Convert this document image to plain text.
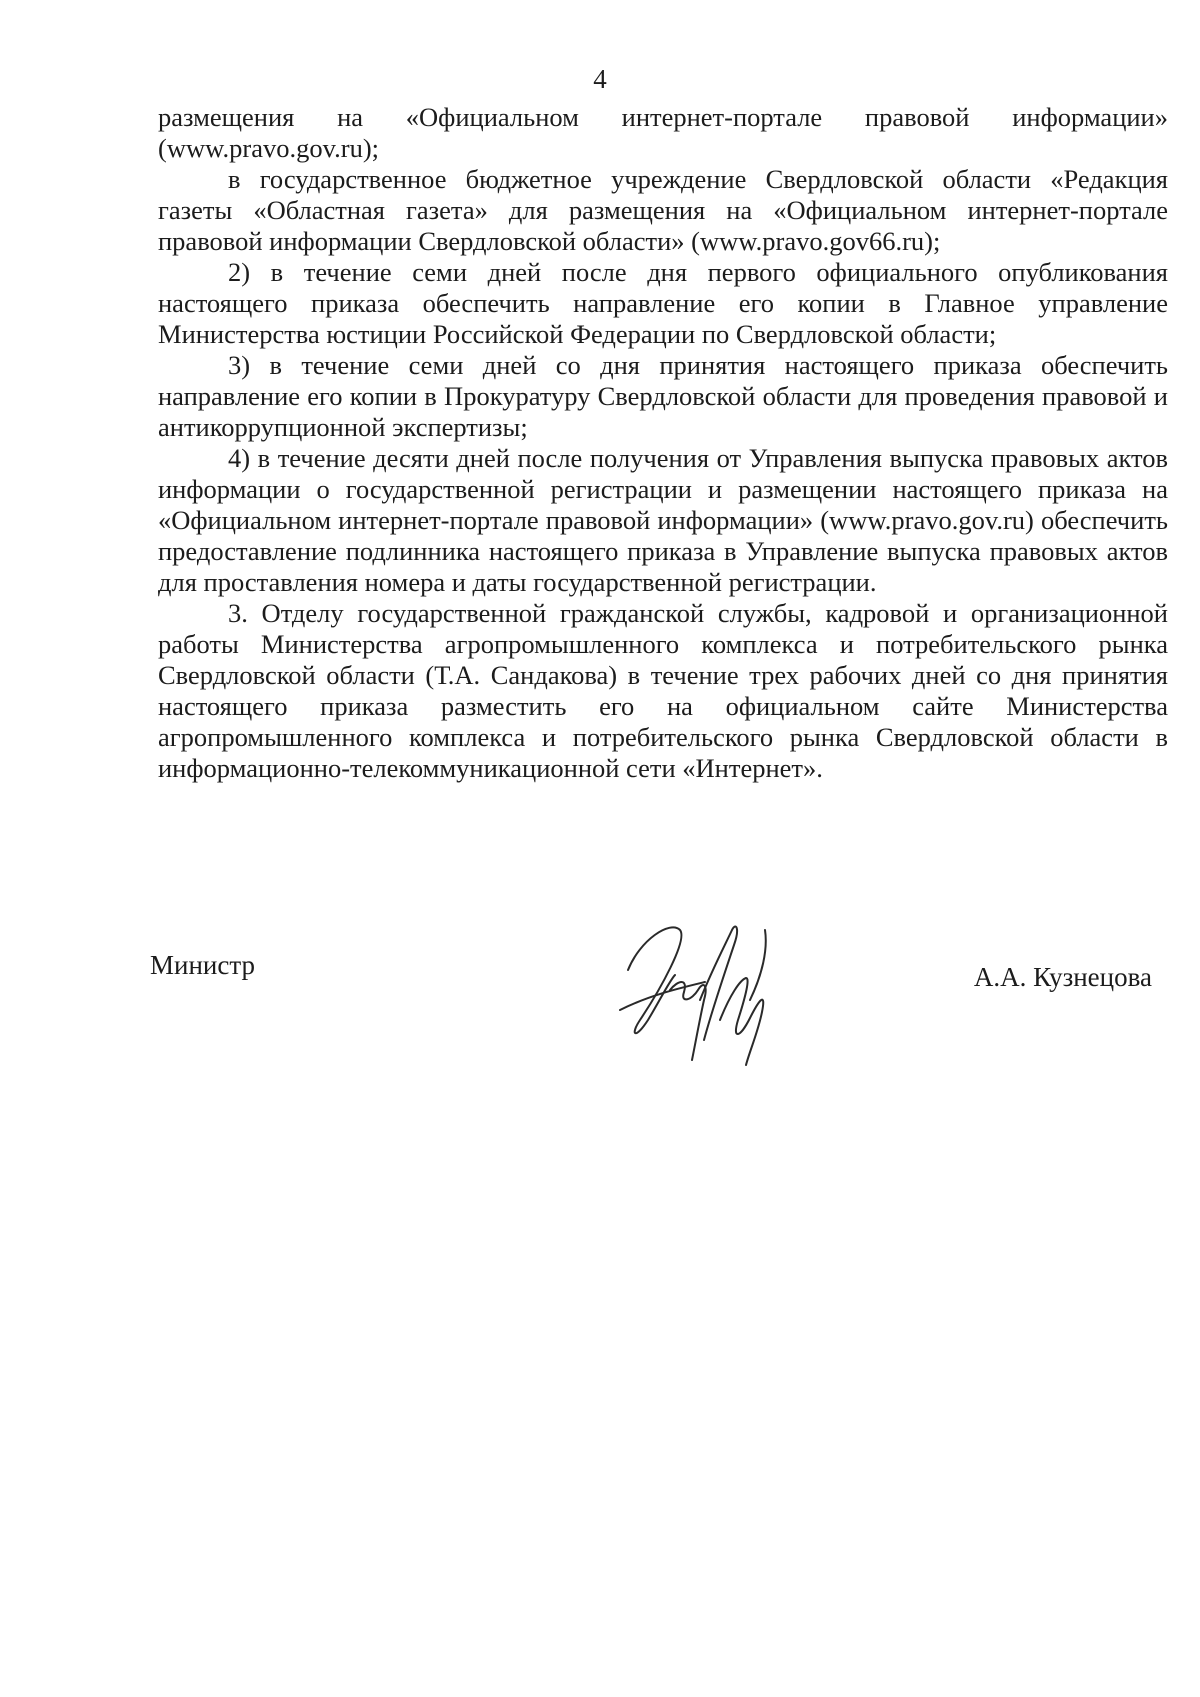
4

размещения на «Официальном интернет-портале правовой информации» (www.pravo.gov.ru);

в государственное бюджетное учреждение Свердловской области «Редакция газеты «Областная газета» для размещения на «Официальном интернет-портале правовой информации Свердловской области» (www.pravo.gov66.ru);

2) в течение семи дней после дня первого официального опубликования настоящего приказа обеспечить направление его копии в Главное управление Министерства юстиции Российской Федерации по Свердловской области;

3) в течение семи дней со дня принятия настоящего приказа обеспечить направление его копии в Прокуратуру Свердловской области для проведения правовой и антикоррупционной экспертизы;

4) в течение десяти дней после получения от Управления выпуска правовых актов информации о государственной регистрации и размещении настоящего приказа на «Официальном интернет-портале правовой информации» (www.pravo.gov.ru) обеспечить предоставление подлинника настоящего приказа в Управление выпуска правовых актов для проставления номера и даты государственной регистрации.

3. Отделу государственной гражданской службы, кадровой и организационной работы Министерства агропромышленного комплекса и потребительского рынка Свердловской области (Т.А. Сандакова) в течение трех рабочих дней со дня принятия настоящего приказа разместить его на официальном сайте Министерства агропромышленного комплекса и потребительского рынка Свердловской области в информационно-телекоммуникационной сети «Интернет».

Министр	А.А. Кузнецова
